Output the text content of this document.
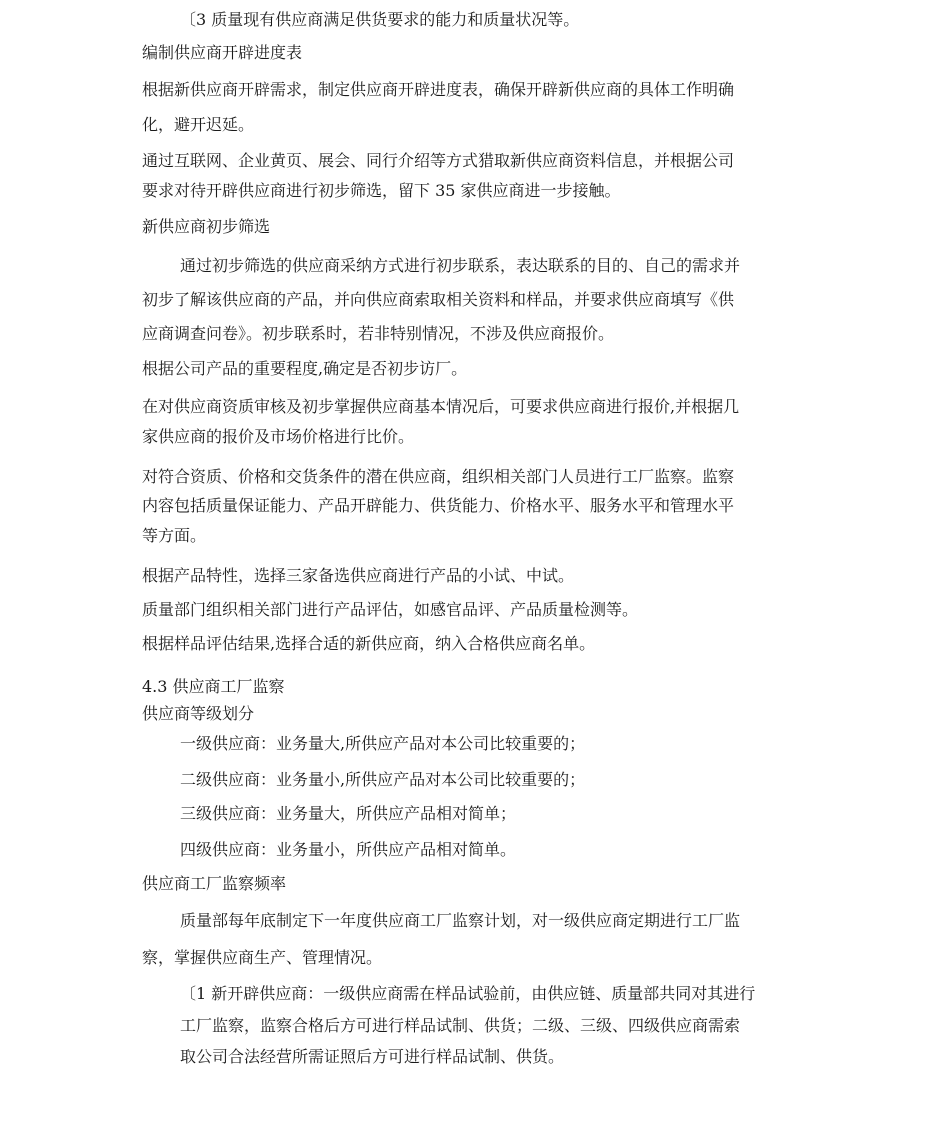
〔3 质量现有供应商满足供货要求的能力和质量状况等。
编制供应商开辟进度表
根据新供应商开辟需求，制定供应商开辟进度表，确保开辟新供应商的具体工作明确
化，避开迟延。
通过互联网、企业黄页、展会、同行介绍等方式猎取新供应商资料信息，并根据公司
要求对待开辟供应商进行初步筛选，留下 35 家供应商进一步接触。
新供应商初步筛选
通过初步筛选的供应商采纳方式进行初步联系，表达联系的目的、自己的需求并
初步了解该供应商的产品，并向供应商索取相关资料和样品，并要求供应商填写《供
应商调查问卷》。初步联系时，若非特别情况，不涉及供应商报价。
根据公司产品的重要程度,确定是否初步访厂。
在对供应商资质审核及初步掌握供应商基本情况后，可要求供应商进行报价,并根据几
家供应商的报价及市场价格进行比价。
对符合资质、价格和交货条件的潜在供应商，组织相关部门人员进行工厂监察。监察
内容包括质量保证能力、产品开辟能力、供货能力、价格水平、服务水平和管理水平
等方面。
根据产品特性，选择三家备选供应商进行产品的小试、中试。
质量部门组织相关部门进行产品评估，如感官品评、产品质量检测等。
根据样品评估结果,选择合适的新供应商，纳入合格供应商名单。
4.3 供应商工厂监察
供应商等级划分
一级供应商：业务量大,所供应产品对本公司比较重要的；
二级供应商：业务量小,所供应产品对本公司比较重要的；
三级供应商：业务量大，所供应产品相对简单；
四级供应商：业务量小，所供应产品相对简单。
供应商工厂监察频率
质量部每年底制定下一年度供应商工厂监察计划，对一级供应商定期进行工厂监
察，掌握供应商生产、管理情况。
〔1 新开辟供应商：一级供应商需在样品试验前，由供应链、质量部共同对其进行
工厂监察，监察合格后方可进行样品试制、供货；二级、三级、四级供应商需索
取公司合法经营所需证照后方可进行样品试制、供货。
